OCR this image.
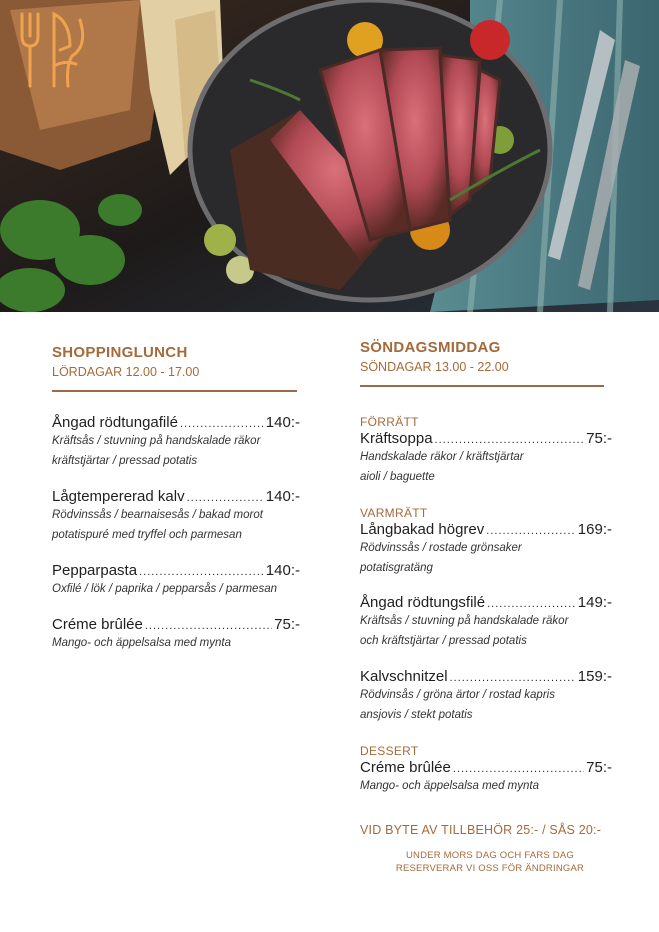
SHOPPINGLUNCH
LÖRDAGAR 12.00 - 17.00
Ångad rödtungafilé .....	140:-
Kräftsås / stuvning på handskalade räkor
kräftstjärtar / pressad potatis
Lågtempererad kalv .....	140:-
Rödvinssås / bearnaisesås / bakad morot
potatispuré med tryffel och parmesan
Pepparpasta .....	140:-
Oxfilé / lök / paprika / pepparsås / parmesan
Créme brûlée .....	75:-
Mango- och äppelsalsa med mynta
SÖNDAGSMIDDAG
SÖNDAGAR 13.00 - 22.00
FÖRRÄTT
Kräftsoppa .....	75:-
Handskalade räkor / kräftstjärtar
aioli / baguette
VARMRÄTT
Långbakad högrev .....	169:-
Rödvinssås / rostade grönsaker
potatisgratäng
Ångad rödtungsfilé .....	149:-
Kräftsås / stuvning på handskalade räkor
och kräftstjärtar / pressad potatis
Kalvschnitzel .....	159:-
Rödvinsås / gröna ärtor / rostad kapris
ansjovis / stekt potatis
DESSERT
Créme brûlée .....	75:-
Mango- och äppelsalsa med mynta
VID BYTE AV TILLBEHÖR 25:- / SÅS 20:-
UNDER MORS DAG OCH FARS DAG
RESERVERAR VI OSS FÖR ÄNDRINGAR
